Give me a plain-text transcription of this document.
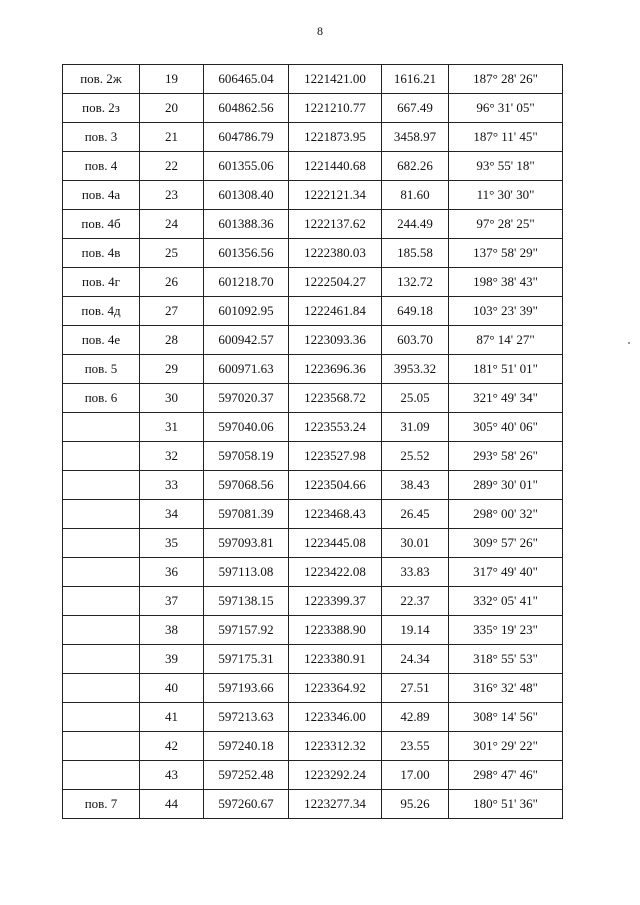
8
пов. 2ж	19	606465.04	1221421.00	1616.21	187° 28' 26"
пов. 2з	20	604862.56	1221210.77	667.49	96° 31' 05"
пов. 3	21	604786.79	1221873.95	3458.97	187° 11' 45"
пов. 4	22	601355.06	1221440.68	682.26	93° 55' 18"
пов. 4а	23	601308.40	1222121.34	81.60	11° 30' 30"
пов. 4б	24	601388.36	1222137.62	244.49	97° 28' 25"
пов. 4в	25	601356.56	1222380.03	185.58	137° 58' 29"
пов. 4г	26	601218.70	1222504.27	132.72	198° 38' 43"
пов. 4д	27	601092.95	1222461.84	649.18	103° 23' 39"
пов. 4е	28	600942.57	1223093.36	603.70	87° 14' 27"
пов. 5	29	600971.63	1223696.36	3953.32	181° 51' 01"
пов. 6	30	597020.37	1223568.72	25.05	321° 49' 34"
	31	597040.06	1223553.24	31.09	305° 40' 06"
	32	597058.19	1223527.98	25.52	293° 58' 26"
	33	597068.56	1223504.66	38.43	289° 30' 01"
	34	597081.39	1223468.43	26.45	298° 00' 32"
	35	597093.81	1223445.08	30.01	309° 57' 26"
	36	597113.08	1223422.08	33.83	317° 49' 40"
	37	597138.15	1223399.37	22.37	332° 05' 41"
	38	597157.92	1223388.90	19.14	335° 19' 23"
	39	597175.31	1223380.91	24.34	318° 55' 53"
	40	597193.66	1223364.92	27.51	316° 32' 48"
	41	597213.63	1223346.00	42.89	308° 14' 56"
	42	597240.18	1223312.32	23.55	301° 29' 22"
	43	597252.48	1223292.24	17.00	298° 47' 46"
пов. 7	44	597260.67	1223277.34	95.26	180° 51' 36"
